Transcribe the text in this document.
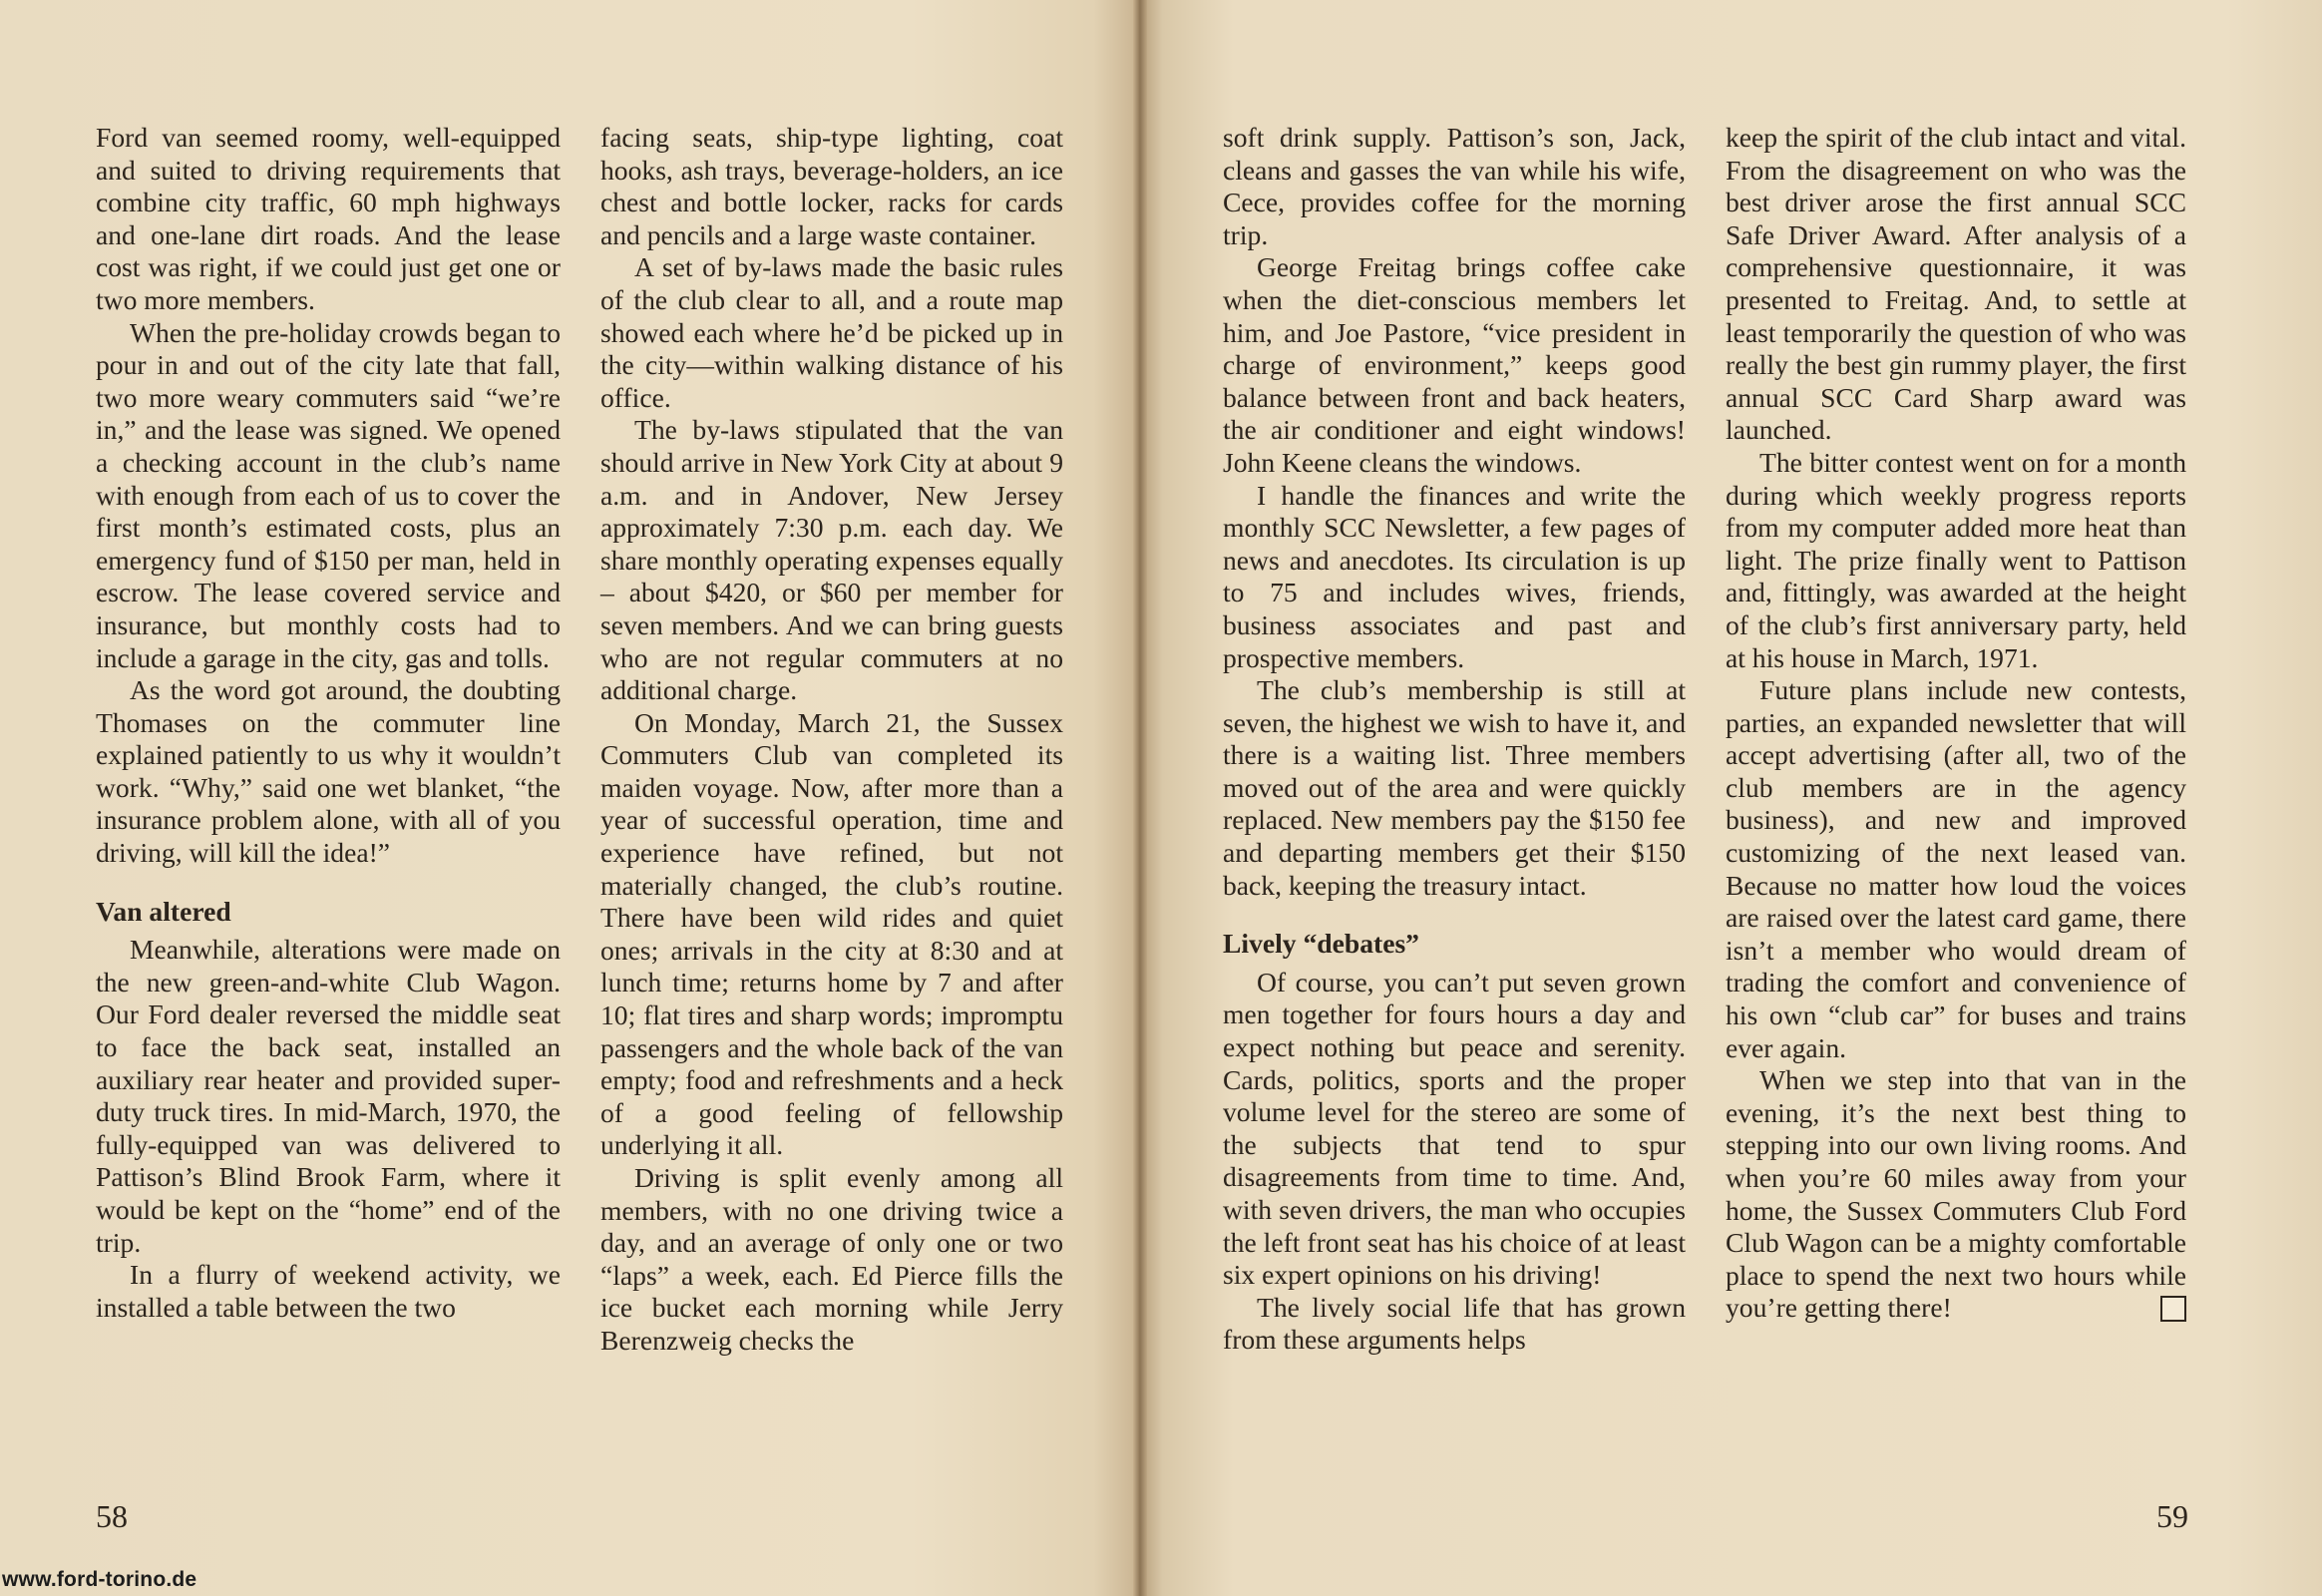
Ford van seemed roomy, well-equipped and suited to driving requirements that combine city traffic, 60 mph highways and one-lane dirt roads. And the lease cost was right, if we could just get one or two more members.

When the pre-holiday crowds began to pour in and out of the city late that fall, two more weary commuters said “we’re in,” and the lease was signed. We opened a checking account in the club’s name with enough from each of us to cover the first month’s estimated costs, plus an emergency fund of $150 per man, held in escrow. The lease covered service and insurance, but monthly costs had to include a garage in the city, gas and tolls.

As the word got around, the doubting Thomases on the commuter line explained patiently to us why it wouldn’t work. “Why,” said one wet blanket, “the insurance problem alone, with all of you driving, will kill the idea!”

Van altered

Meanwhile, alterations were made on the new green-and-white Club Wagon. Our Ford dealer reversed the middle seat to face the back seat, installed an auxiliary rear heater and provided super-duty truck tires. In mid-March, 1970, the fully-equipped van was delivered to Pattison’s Blind Brook Farm, where it would be kept on the “home” end of the trip.

In a flurry of weekend activity, we installed a table between the two

facing seats, ship-type lighting, coat hooks, ash trays, beverage-holders, an ice chest and bottle locker, racks for cards and pencils and a large waste container.

A set of by-laws made the basic rules of the club clear to all, and a route map showed each where he’d be picked up in the city—within walking distance of his office.

The by-laws stipulated that the van should arrive in New York City at about 9 a.m. and in Andover, New Jersey approximately 7:30 p.m. each day. We share monthly operating expenses equally – about $420, or $60 per member for seven members. And we can bring guests who are not regular commuters at no additional charge.

On Monday, March 21, the Sussex Commuters Club van completed its maiden voyage. Now, after more than a year of successful operation, time and experience have refined, but not materially changed, the club’s routine. There have been wild rides and quiet ones; arrivals in the city at 8:30 and at lunch time; returns home by 7 and after 10; flat tires and sharp words; impromptu passengers and the whole back of the van empty; food and refreshments and a heck of a good feeling of fellowship underlying it all.

Driving is split evenly among all members, with no one driving twice a day, and an average of only one or two “laps” a week, each. Ed Pierce fills the ice bucket each morning while Jerry Berenzweig checks the

soft drink supply. Pattison’s son, Jack, cleans and gasses the van while his wife, Cece, provides coffee for the morning trip.

George Freitag brings coffee cake when the diet-conscious members let him, and Joe Pastore, “vice president in charge of environment,” keeps good balance between front and back heaters, the air conditioner and eight windows! John Keene cleans the windows.

I handle the finances and write the monthly SCC Newsletter, a few pages of news and anecdotes. Its circulation is up to 75 and includes wives, friends, business associates and past and prospective members.

The club’s membership is still at seven, the highest we wish to have it, and there is a waiting list. Three members moved out of the area and were quickly replaced. New members pay the $150 fee and departing members get their $150 back, keeping the treasury intact.

Lively “debates”

Of course, you can’t put seven grown men together for fours hours a day and expect nothing but peace and serenity. Cards, politics, sports and the proper volume level for the stereo are some of the subjects that tend to spur disagreements from time to time. And, with seven drivers, the man who occupies the left front seat has his choice of at least six expert opinions on his driving!

The lively social life that has grown from these arguments helps

keep the spirit of the club intact and vital. From the disagreement on who was the best driver arose the first annual SCC Safe Driver Award. After analysis of a comprehensive questionnaire, it was presented to Freitag. And, to settle at least temporarily the question of who was really the best gin rummy player, the first annual SCC Card Sharp award was launched.

The bitter contest went on for a month during which weekly progress reports from my computer added more heat than light. The prize finally went to Pattison and, fittingly, was awarded at the height of the club’s first anniversary party, held at his house in March, 1971.

Future plans include new contests, parties, an expanded newsletter that will accept advertising (after all, two of the club members are in the agency business), and new and improved customizing of the next leased van. Because no matter how loud the voices are raised over the latest card game, there isn’t a member who would dream of trading the comfort and convenience of his own “club car” for buses and trains ever again.

When we step into that van in the evening, it’s the next best thing to stepping into our own living rooms. And when you’re 60 miles away from your home, the Sussex Commuters Club Ford Club Wagon can be a mighty comfortable place to spend the next two hours while you’re getting there!

58	59
www.ford-torino.de
